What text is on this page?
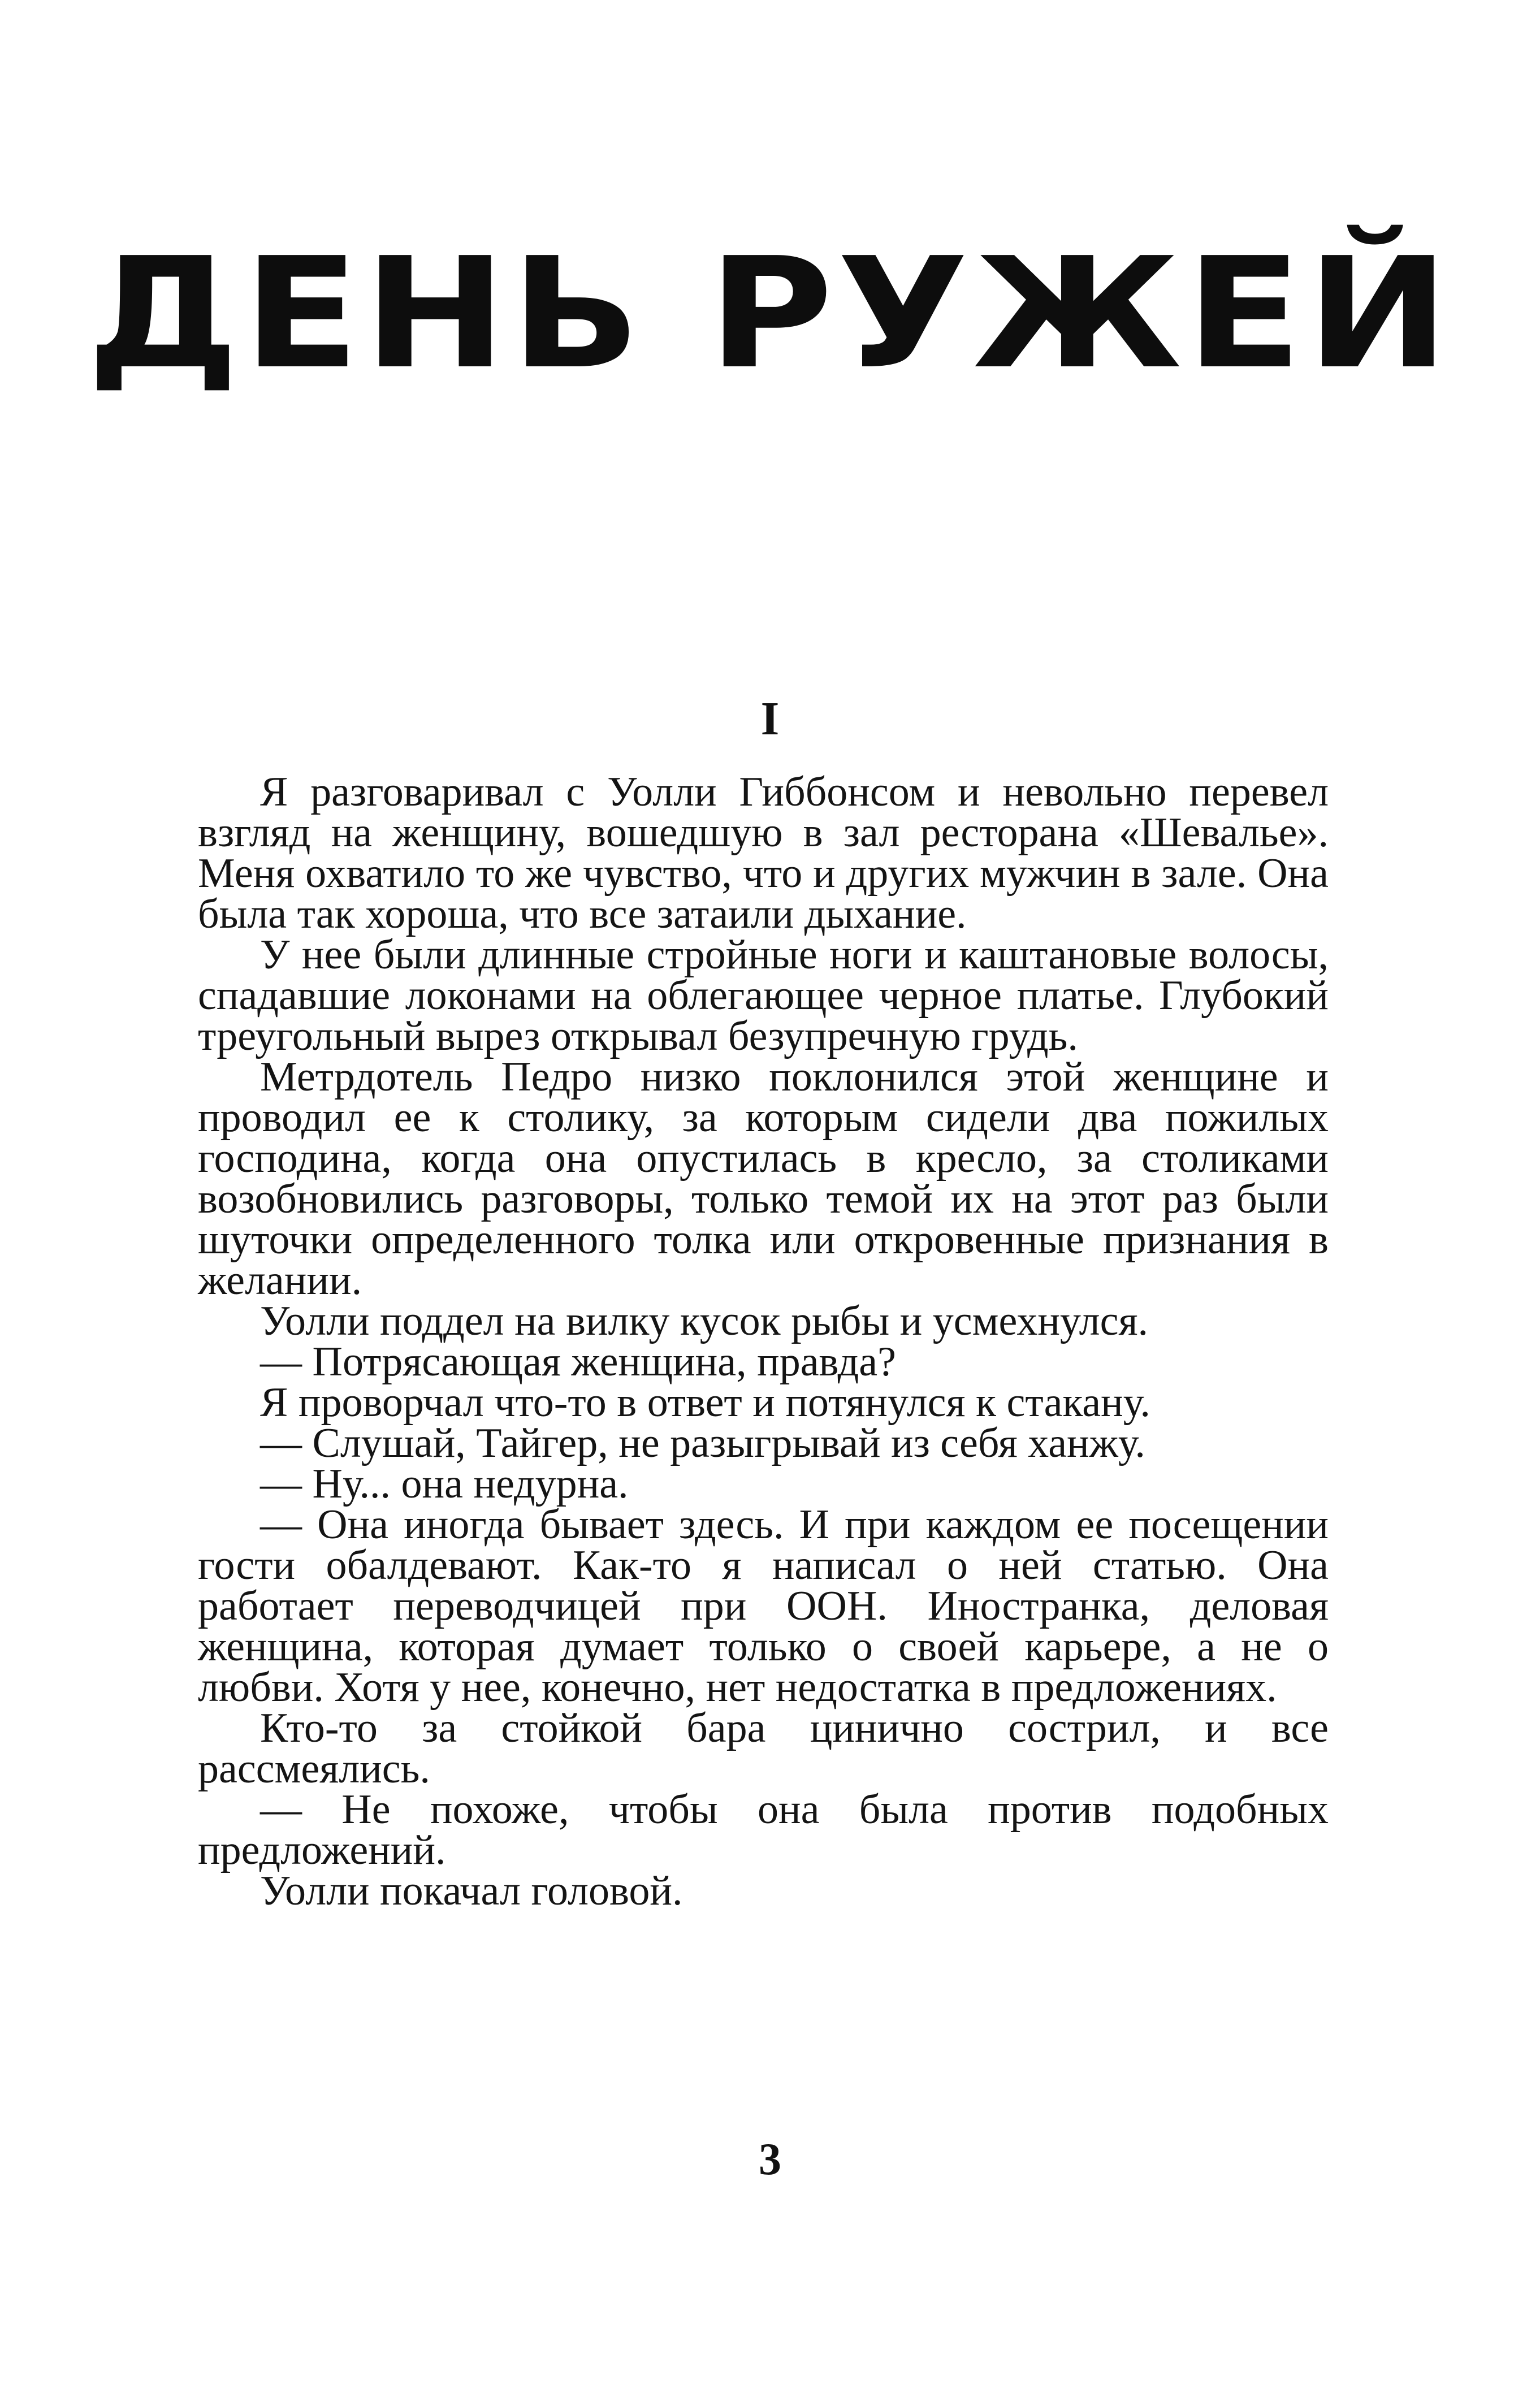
ДЕНЬ РУЖЕЙ
I

Я разговаривал с Уолли Гиббонсом и невольно перевел взгляд на женщину, вошедшую в зал ресторана «Шевалье». Меня охватило то же чувство, что и других мужчин в зале. Она была так хороша, что все затаили дыхание.

У нее были длинные стройные ноги и каштановые волосы, спадавшие локонами на облегающее черное платье. Глубокий треугольный вырез открывал безупречную грудь.

Метрдотель Педро низко поклонился этой женщине и проводил ее к столику, за которым сидели два пожилых господина, когда она опустилась в кресло, за столиками возобновились разговоры, только темой их на этот раз были шуточки определенного толка или откровенные признания в желании.

Уолли поддел на вилку кусок рыбы и усмехнулся.

— Потрясающая женщина, правда?

Я проворчал что-то в ответ и потянулся к стакану.

— Слушай, Тайгер, не разыгрывай из себя ханжу.

— Ну... она недурна.

— Она иногда бывает здесь. И при каждом ее посещении гости обалдевают. Как-то я написал о ней статью. Она работает переводчицей при ООН. Иностранка, деловая женщина, которая думает только о своей карьере, а не о любви. Хотя у нее, конечно, нет недостатка в предложениях.

Кто-то за стойкой бара цинично сострил, и все рассмеялись.

— Не похоже, чтобы она была против подобных предложений.

Уолли покачал головой.

3
